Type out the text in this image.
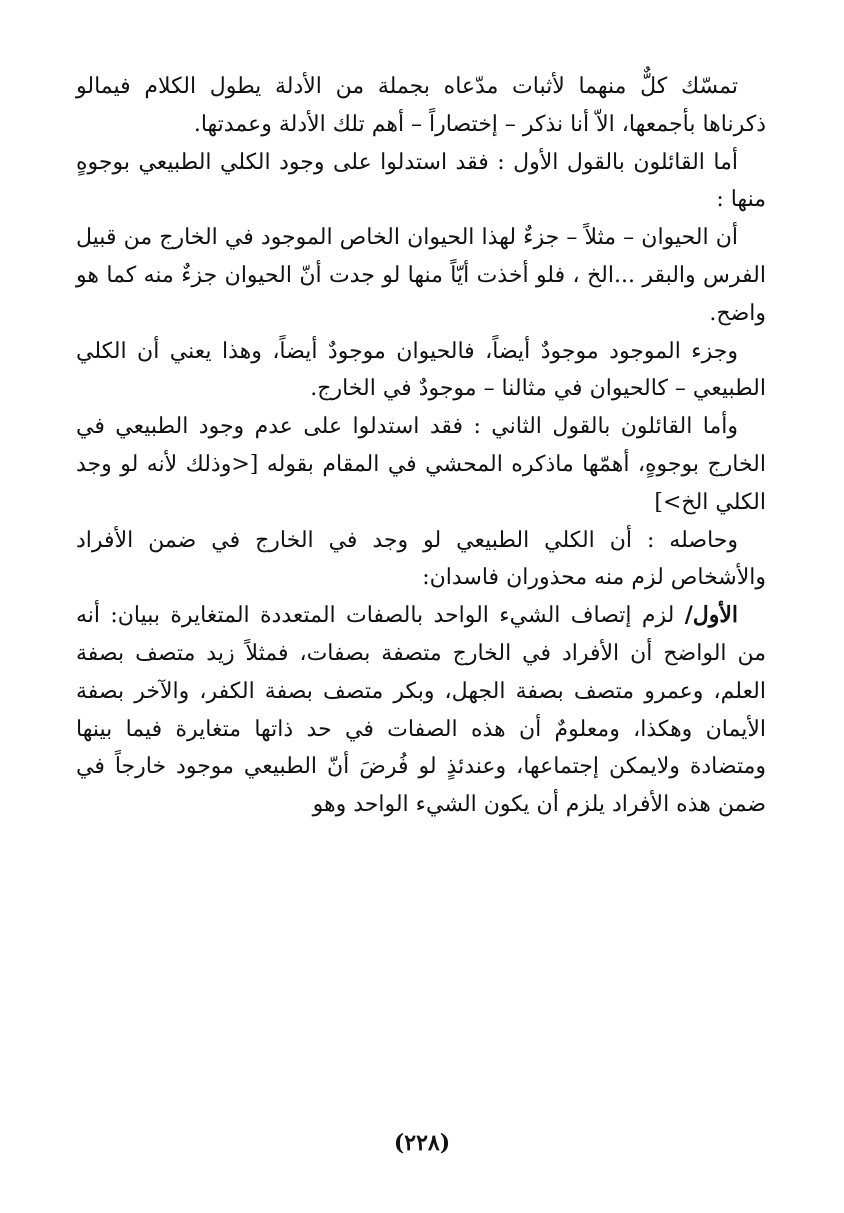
تمسّك كلٌّ منهما لأثبات مدّعاه بجملة من الأدلة يطول الكلام فيمالو ذكرناها بأجمعها، الاّ أنا نذكر – إختصاراً – أهم تلك الأدلة وعمدتها.

أما القائلون بالقول الأول : فقد استدلوا على وجود الكلي الطبيعي بوجوهٍ منها :

أن الحيوان – مثلاً – جزءٌ لهذا الحيوان الخاص الموجود في الخارج من قبيل الفرس والبقر ...الخ ، فلو أخذت أيّاً منها لو جدت أنّ الحيوان جزءٌ منه كما هو واضح.

وجزء الموجود موجودٌ أيضاً، فالحيوان موجودٌ أيضاً، وهذا يعني أن الكلي الطبيعي – كالحيوان في مثالنا – موجودٌ في الخارج.

وأما القائلون بالقول الثاني : فقد استدلوا على عدم وجود الطبيعي في الخارج بوجوهٍ، أهمّها ماذكره المحشي في المقام بقوله [<وذلك لأنه لو وجد الكلي الخ>]

وحاصله : أن الكلي الطبيعي لو وجد في الخارج في ضمن الأفراد والأشخاص لزم منه محذوران فاسدان:

الأول/ لزم إتصاف الشيء الواحد بالصفات المتعددة المتغايرة ببيان: أنه من الواضح أن الأفراد في الخارج متصفة بصفات، فمثلاً زيد متصف بصفة العلم، وعمرو متصف بصفة الجهل، وبكر متصف بصفة الكفر، والآخر بصفة الأيمان وهكذا، ومعلومٌ أن هذه الصفات في حد ذاتها متغايرة فيما بينها ومتضادة ولايمكن إجتماعها، وعندئذٍ لو فُرضَ أنّ الطبيعي موجود خارجاً في ضمن هذه الأفراد يلزم أن يكون الشيء الواحد وهو

(٢٢٨)
